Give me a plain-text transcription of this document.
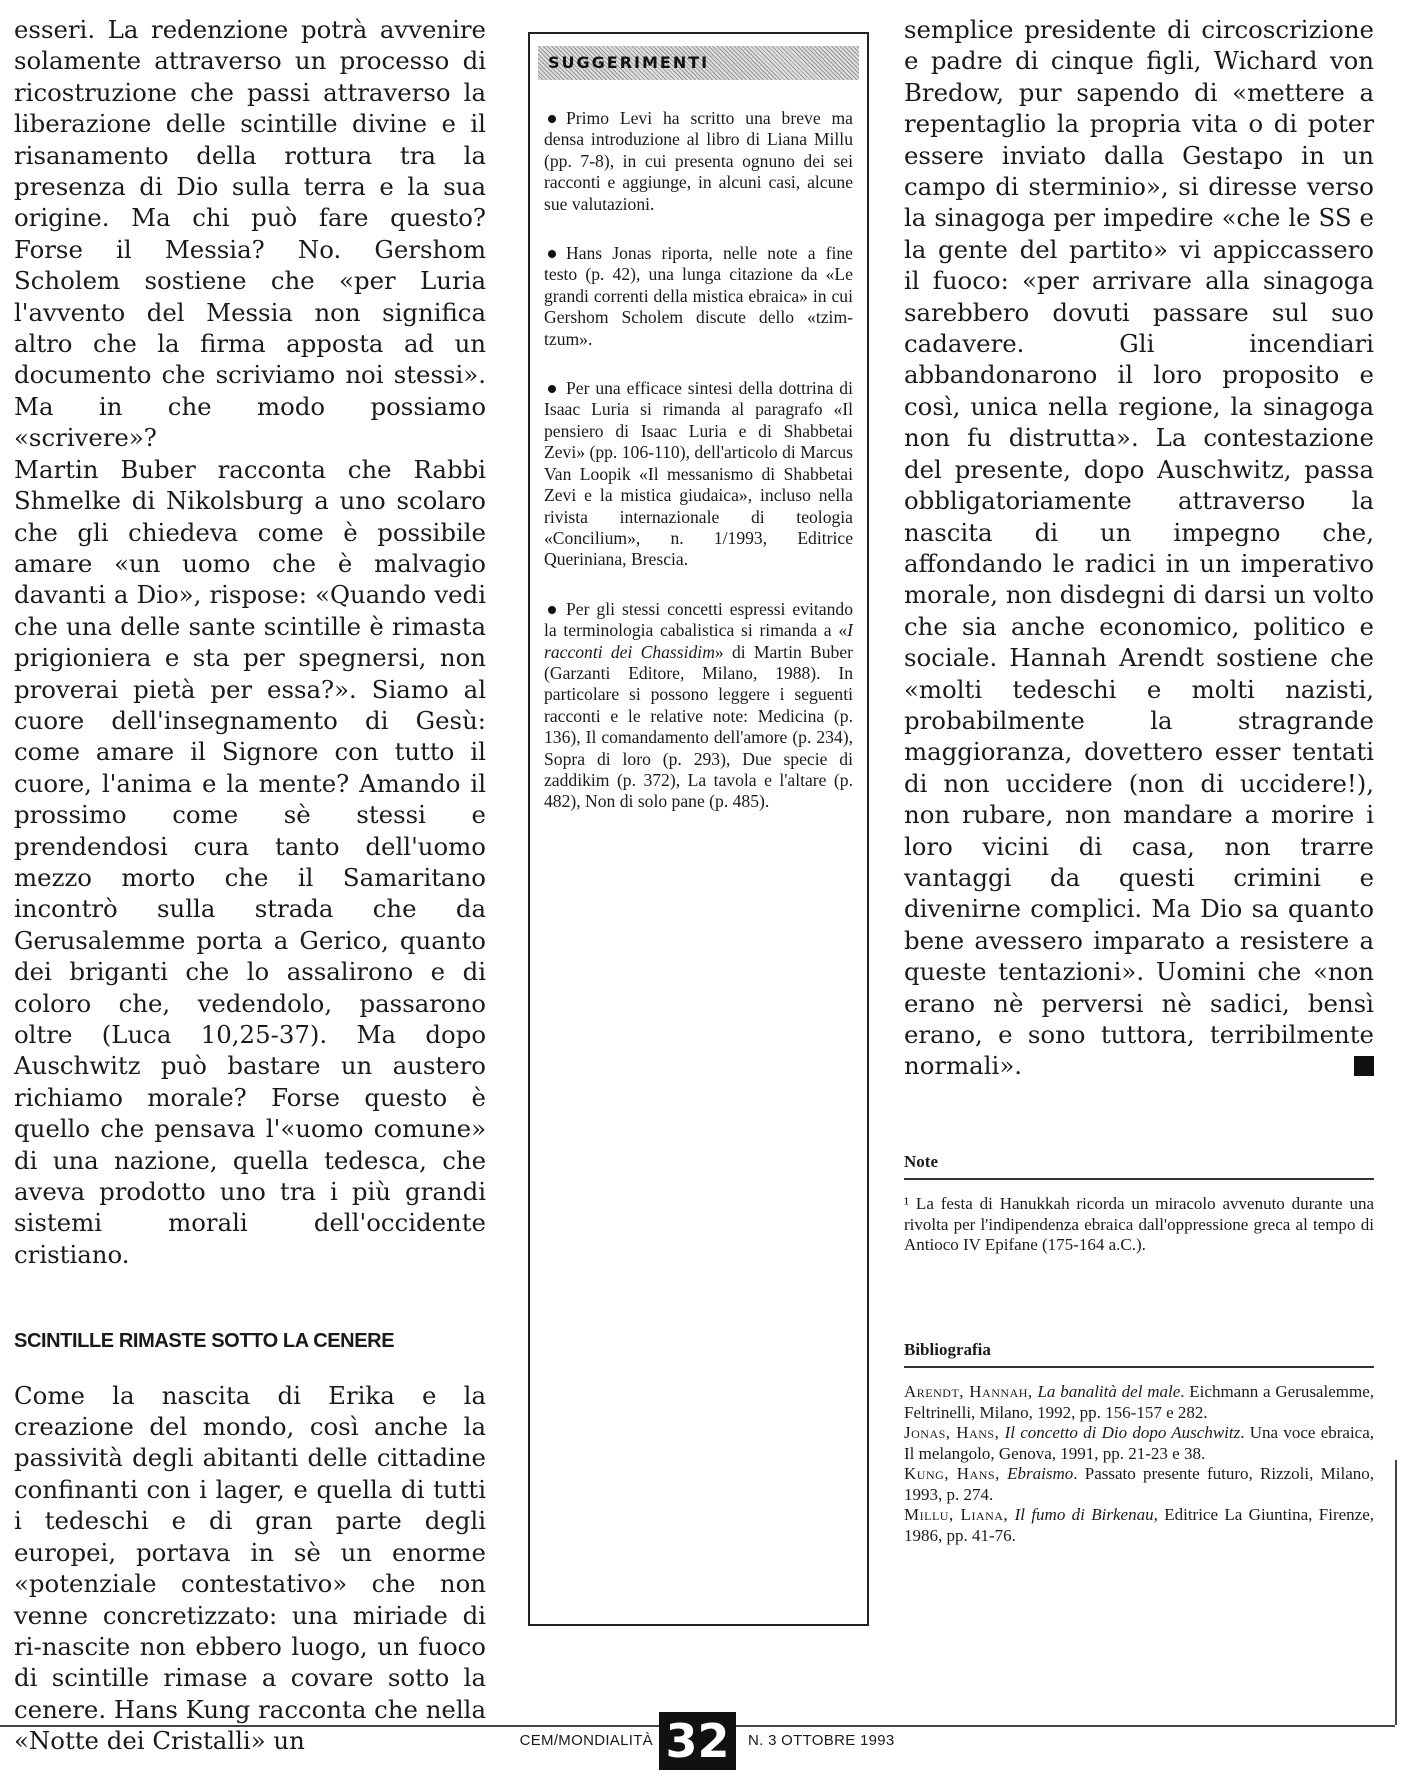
esseri. La redenzione potrà avvenire solamente attraverso un processo di ricostruzione che passi attraverso la liberazione delle scintille divine e il risanamento della rottura tra la presenza di Dio sulla terra e la sua origine. Ma chi può fare questo? Forse il Messia? No. Gershom Scholem sostiene che «per Luria l'avvento del Messia non significa altro che la firma apposta ad un documento che scriviamo noi stessi». Ma in che modo possiamo «scrivere»?

Martin Buber racconta che Rabbi Shmelke di Nikolsburg a uno scolaro che gli chiedeva come è possibile amare «un uomo che è malvagio davanti a Dio», rispose: «Quando vedi che una delle sante scintille è rimasta prigioniera e sta per spegnersi, non proverai pietà per essa?». Siamo al cuore dell'insegnamento di Gesù: come amare il Signore con tutto il cuore, l'anima e la mente? Amando il prossimo come sè stessi e prendendosi cura tanto dell'uomo mezzo morto che il Samaritano incontrò sulla strada che da Gerusalemme porta a Gerico, quanto dei briganti che lo assalirono e di coloro che, vedendolo, passarono oltre (Luca 10,25-37). Ma dopo Auschwitz può bastare un austero richiamo morale? Forse questo è quello che pensava l'«uomo comune» di una nazione, quella tedesca, che aveva prodotto uno tra i più grandi sistemi morali dell'occidente cristiano.

SCINTILLE RIMASTE SOTTO LA CENERE

Come la nascita di Erika e la creazione del mondo, così anche la passività degli abitanti delle cittadine confinanti con i lager, e quella di tutti i tedeschi e di gran parte degli europei, portava in sè un enorme «potenziale contestativo» che non venne concretizzato: una miriade di ri-nascite non ebbero luogo, un fuoco di scintille rimase a covare sotto la cenere. Hans Kung racconta che nella «Notte dei Cristalli» un

SUGGERIMENTI
Primo Levi ha scritto una breve ma densa introduzione al libro di Liana Millu (pp. 7-8), in cui presenta ognuno dei sei racconti e aggiunge, in alcuni casi, alcune sue valutazioni.
Hans Jonas riporta, nelle note a fine testo (p. 42), una lunga citazione da «Le grandi correnti della mistica ebraica» in cui Gershom Scholem discute dello «tzim-tzum».
Per una efficace sintesi della dottrina di Isaac Luria si rimanda al paragrafo «Il pensiero di Isaac Luria e di Shabbetai Zevi» (pp. 106-110), dell'articolo di Marcus Van Loopik «Il messanismo di Shabbetai Zevi e la mistica giudaica», incluso nella rivista internazionale di teologia «Concilium», n. 1/1993, Editrice Queriniana, Brescia.
Per gli stessi concetti espressi evitando la terminologia cabalistica si rimanda a «I racconti dei Chassidim» di Martin Buber (Garzanti Editore, Milano, 1988). In particolare si possono leggere i seguenti racconti e le relative note: Medicina (p. 136), Il comandamento dell'amore (p. 234), Sopra di loro (p. 293), Due specie di zaddikim (p. 372), La tavola e l'altare (p. 482), Non di solo pane (p. 485).

semplice presidente di circoscrizione e padre di cinque figli, Wichard von Bredow, pur sapendo di «mettere a repentaglio la propria vita o di poter essere inviato dalla Gestapo in un campo di sterminio», si diresse verso la sinagoga per impedire «che le SS e la gente del partito» vi appiccassero il fuoco: «per arrivare alla sinagoga sarebbero dovuti passare sul suo cadavere. Gli incendiari abbandonarono il loro proposito e così, unica nella regione, la sinagoga non fu distrutta». La contestazione del presente, dopo Auschwitz, passa obbligatoriamente attraverso la nascita di un impegno che, affondando le radici in un imperativo morale, non disdegni di darsi un volto che sia anche economico, politico e sociale. Hannah Arendt sostiene che «molti tedeschi e molti nazisti, probabilmente la stragrande maggioranza, dovettero esser tentati di non uccidere (non di uccidere!), non rubare, non mandare a morire i loro vicini di casa, non trarre vantaggi da questi crimini e divenirne complici. Ma Dio sa quanto bene avessero imparato a resistere a queste tentazioni». Uomini che «non erano nè perversi nè sadici, bensì erano, e sono tuttora, terribilmente normali».

Note
¹ La festa di Hanukkah ricorda un miracolo avvenuto durante una rivolta per l'indipendenza ebraica dall'oppressione greca al tempo di Antioco IV Epifane (175-164 a.C.).
Bibliografia

Arendt, Hannah, La banalità del male. Eichmann a Gerusalemme, Feltrinelli, Milano, 1992, pp. 156-157 e 282.

Jonas, Hans, Il concetto di Dio dopo Auschwitz. Una voce ebraica, Il melangolo, Genova, 1991, pp. 21-23 e 38.

Kung, Hans, Ebraismo. Passato presente futuro, Rizzoli, Milano, 1993, p. 274.

Millu, Liana, Il fumo di Birkenau, Editrice La Giuntina, Firenze, 1986, pp. 41-76.

CEM/MONDIALITÀ 32	N. 3 OTTOBRE 1993
